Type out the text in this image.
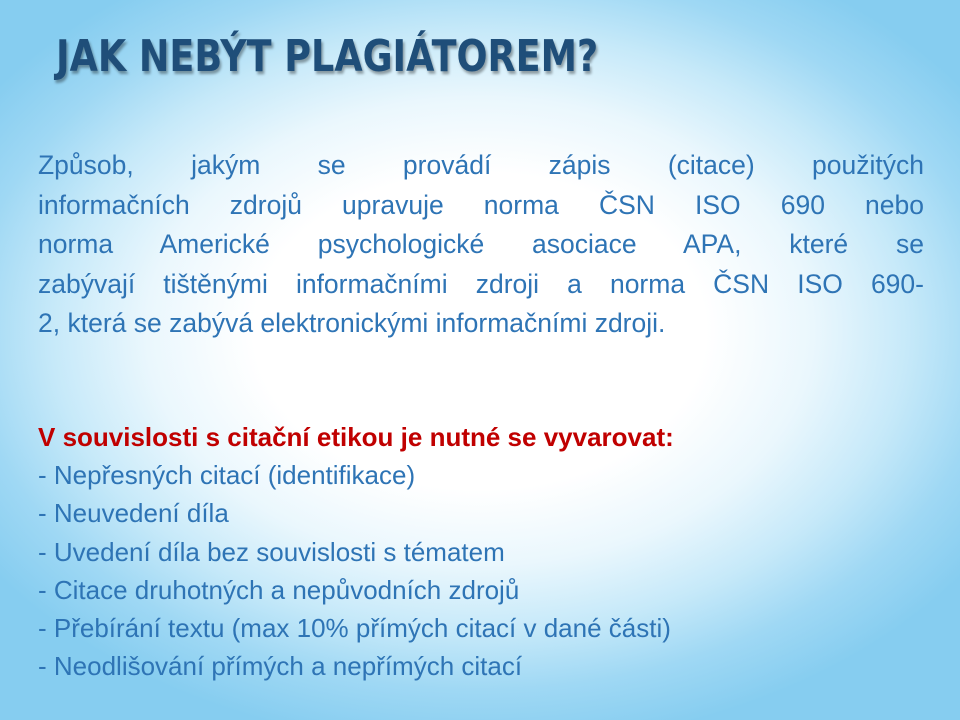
JAK NEBÝT PLAGIÁTOREM?
Způsob, jakým se provádí zápis (citace) použitých
informačních zdrojů upravuje norma ČSN ISO 690 nebo
norma Americké psychologické asociace APA, které se
zabývají tištěnými informačními zdroji a norma ČSN ISO 690-
2, která se zabývá elektronickými informačními zdroji.

V souvislosti s citační etikou je nutné se vyvarovat:

- Nepřesných citací (identifikace)
- Neuvedení díla
- Uvedení díla bez souvislosti s tématem
- Citace druhotných a nepůvodních zdrojů
- Přebírání textu (max 10% přímých citací v dané části)
- Neodlišování přímých a nepřímých citací
